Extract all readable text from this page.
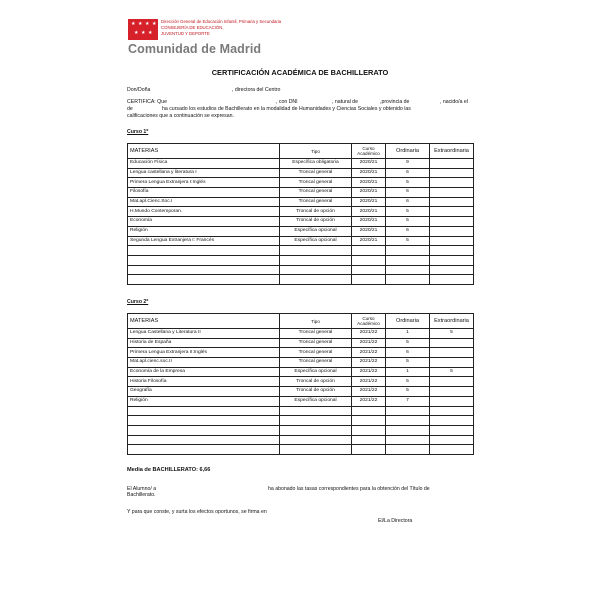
★ ★ ★ ★
★ ★ ★
Dirección General de Educación Infantil, Primaria y Secundaria
CONSEJERÍA DE EDUCACIÓN,
JUVENTUD Y DEPORTE
Comunidad de Madrid
CERTIFICACIÓN ACADÉMICA DE BACHILLERATO
Don/Doña	, directora del Centro
CERTIFICA: Que	, con DNI	, natural de	,provincia de	, nacido/a el
de	ha cursado los estudios de Bachillerato en la modalidad de Humanidades y Ciencias Sociales y obtenido las
calificaciones que a continuación se expresan.
Curso 1º
MATERIAS	Tipo	Curso Académico	Ordinaria	Extraordinaria
Educación Física	Específica obligatoria	2020/21	9	
Lengua castellana y literatura I	Troncal general	2020/21	6	
Primera Lengua Extranjera I:Inglés	Troncal general	2020/21	5	
Filosofía	Troncal general	2020/21	6	
Mat.apl.Cienc.Soc.I	Troncal general	2020/21	6	
H.Mundo Contemporan.	Troncal de opción	2020/21	5	
Economía	Troncal de opción	2020/21	5	
Religión	Específica opcional	2020/21	6	
Segunda Lengua Extranjera I: Francés	Específica opcional	2020/21	5	

Curso 2º
MATERIAS	Tipo	Curso Académico	Ordinaria	Extraordinaria
Lengua Castellana y Literatura II	Troncal general	2021/22	1	5
Historia de España	Troncal general	2021/22	5	
Primera Lengua Extranjera II:Inglés	Troncal general	2021/22	6	
Mat.apl.cienc.soc.II	Troncal general	2021/22	5	
Economía de la Empresa	Específica opcional	2021/22	1	5
Historia Filosofía	Troncal de opción	2021/22	5	
Geografía	Troncal de opción	2021/22	5	
Religión	Específica opcional	2021/22	7	

Media de BACHILLERATO: 6,66
El Alumno/ a	ha abonado las tasas correspondientes para la obtención del Título de
Bachillerato.
Y para que conste, y surta los efectos oportunos, se firma en
El/La Directora
